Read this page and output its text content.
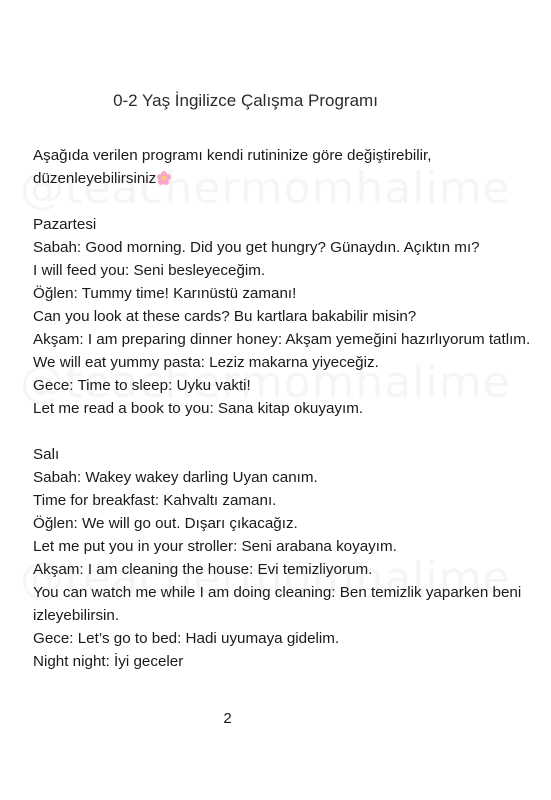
0-2 Yaş İngilizce Çalışma Programı
Aşağıda verilen programı kendi rutininize göre değiştirebilir,
düzenleyebilirsiniz
Pazartesi
Sabah: Good morning. Did you get hungry? Günaydın. Açıktın mı?
I will feed you: Seni besleyeceğim.
Öğlen: Tummy time! Karınüstü zamanı!
Can you look at these cards? Bu kartlara bakabilir misin?
Akşam: I am preparing dinner honey: Akşam yemeğini hazırlıyorum tatlım.
We will eat yummy pasta: Leziz makarna yiyeceğiz.
Gece: Time to sleep: Uyku vakti!
Let me read a book to you: Sana kitap okuyayım.
Salı
Sabah: Wakey wakey darling Uyan canım.
Time for breakfast: Kahvaltı zamanı.
Öğlen: We will go out. Dışarı çıkacağız.
Let me put you in your stroller: Seni arabana koyayım.
Akşam: I am cleaning the house: Evi temizliyorum.
You can watch me while I am doing cleaning: Ben temizlik yaparken beni izleyebilirsin.
Gece: Let’s go to bed: Hadi uyumaya gidelim.
Night night: İyi geceler
2
